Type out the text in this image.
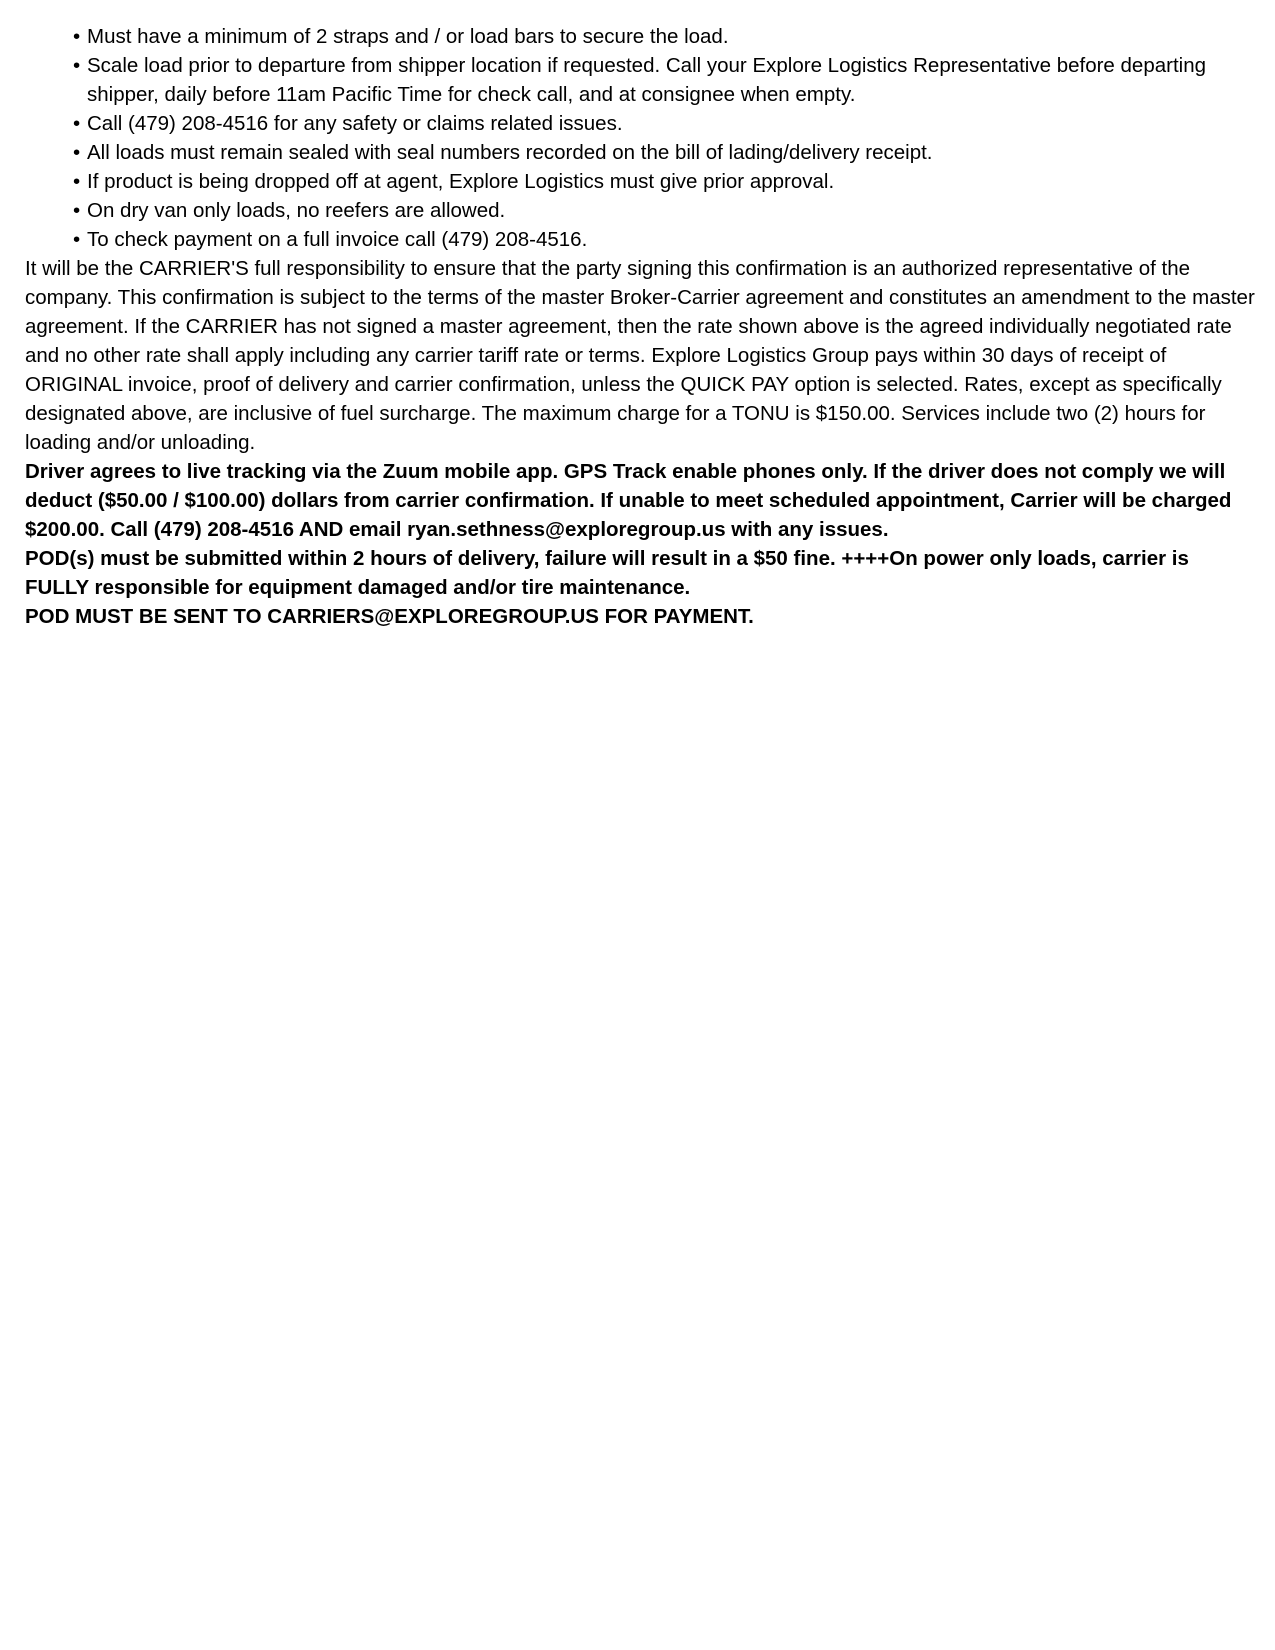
• Must have a minimum of 2 straps and / or load bars to secure the load.
• Scale load prior to departure from shipper location if requested. Call your Explore Logistics Representative before departing shipper, daily before 11am Pacific Time for check call, and at consignee when empty.
• Call (479) 208-4516 for any safety or claims related issues.
• All loads must remain sealed with seal numbers recorded on the bill of lading/delivery receipt.
• If product is being dropped off at agent, Explore Logistics must give prior approval.
• On dry van only loads, no reefers are allowed.
• To check payment on a full invoice call (479) 208-4516.

It will be the CARRIER'S full responsibility to ensure that the party signing this confirmation is an authorized representative of the company. This confirmation is subject to the terms of the master Broker-Carrier agreement and constitutes an amendment to the master agreement. If the CARRIER has not signed a master agreement, then the rate shown above is the agreed individually negotiated rate and no other rate shall apply including any carrier tariff rate or terms. Explore Logistics Group pays within 30 days of receipt of ORIGINAL invoice, proof of delivery and carrier confirmation, unless the QUICK PAY option is selected. Rates, except as specifically designated above, are inclusive of fuel surcharge. The maximum charge for a TONU is $150.00. Services include two (2) hours for loading and/or unloading.

Driver agrees to live tracking via the Zuum mobile app. GPS Track enable phones only. If the driver does not comply we will deduct ($50.00 / $100.00) dollars from carrier confirmation. If unable to meet scheduled appointment, Carrier will be charged $200.00. Call (479) 208-4516 AND email ryan.sethness@exploregroup.us with any issues.

POD(s) must be submitted within 2 hours of delivery, failure will result in a $50 fine. ++++On power only loads, carrier is FULLY responsible for equipment damaged and/or tire maintenance.

POD MUST BE SENT TO CARRIERS@EXPLOREGROUP.US FOR PAYMENT.
